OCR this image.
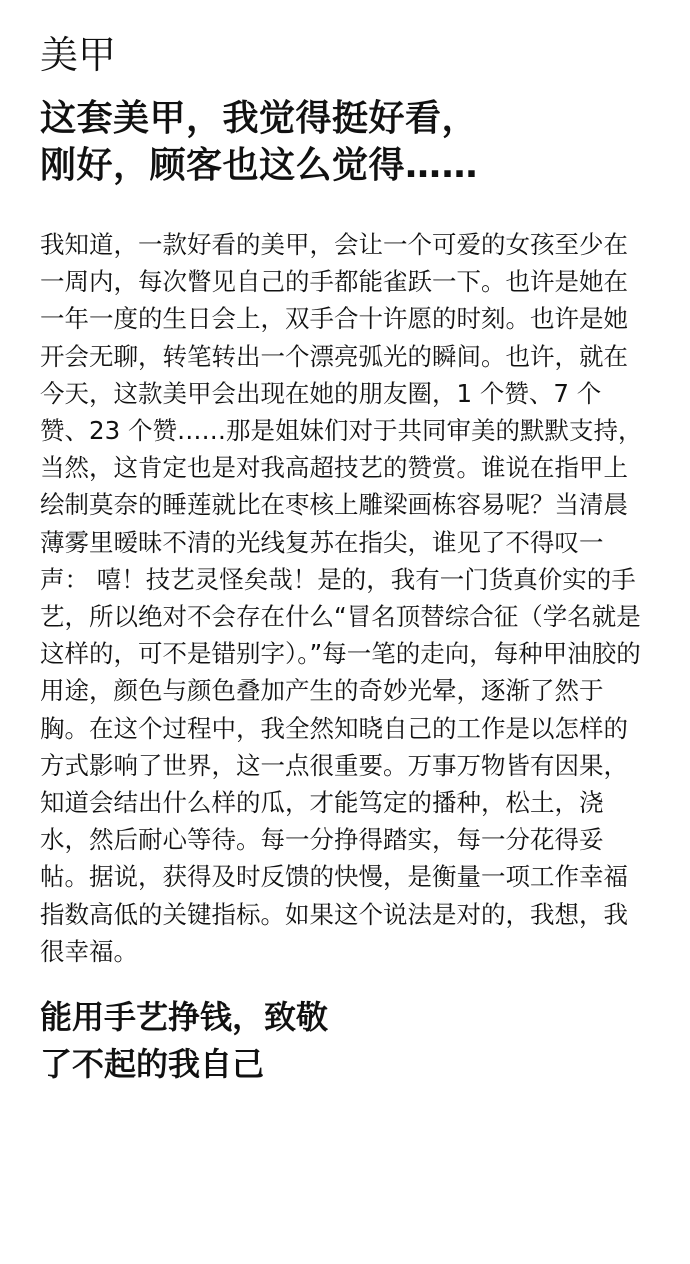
美甲
这套美甲，我觉得挺好看，
刚好，顾客也这么觉得……

我知道，一款好看的美甲，会让一个可爱的女孩至少在一周内，每次瞥见自己的手都能雀跃一下。也许是她在一年一度的生日会上，双手合十许愿的时刻。也许是她开会无聊，转笔转出一个漂亮弧光的瞬间。也许，就在今天，这款美甲会出现在她的朋友圈，1 个赞、7 个赞、23 个赞……那是姐妹们对于共同审美的默默支持，当然，这肯定也是对我高超技艺的赞赏。谁说在指甲上绘制莫奈的睡莲就比在枣核上雕梁画栋容易呢？当清晨薄雾里暧昧不清的光线复苏在指尖，谁见了不得叹一声： 嘻！技艺灵怪矣哉！是的，我有一门货真价实的手艺，所以绝对不会存在什么“冒名顶替综合征（学名就是这样的，可不是错别字）。”每一笔的走向，每种甲油胶的用途，颜色与颜色叠加产生的奇妙光晕，逐渐了然于胸。在这个过程中，我全然知晓自己的工作是以怎样的方式影响了世界，这一点很重要。万事万物皆有因果，知道会结出什么样的瓜，才能笃定的播种，松土，浇水，然后耐心等待。每一分挣得踏实，每一分花得妥帖。据说，获得及时反馈的快慢，是衡量一项工作幸福指数高低的关键指标。如果这个说法是对的，我想，我很幸福。

能用手艺挣钱，致敬
了不起的我自己
